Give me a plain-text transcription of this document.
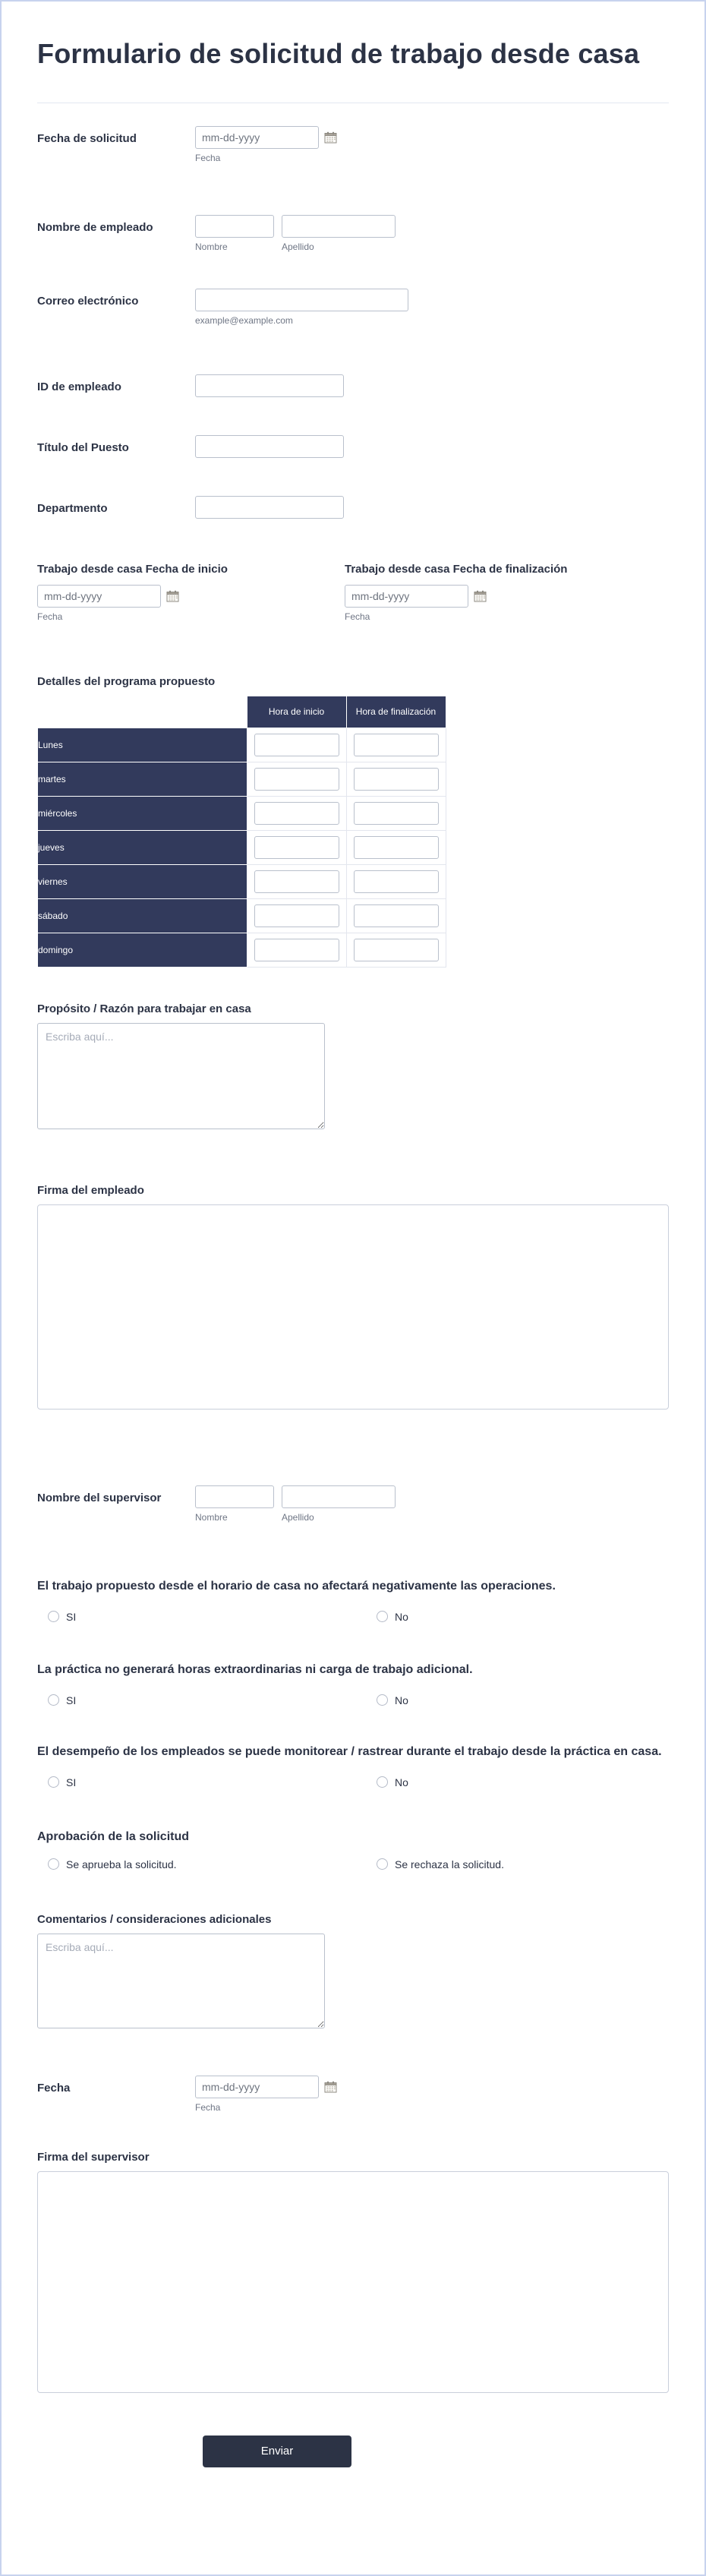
Formulario de solicitud de trabajo desde casa
Fecha de solicitud
mm-dd-yyyy
Fecha
Nombre de empleado
Nombre	Apellido
Correo electrónico
example@example.com
ID de empleado
Título del Puesto
Departmento
Trabajo desde casa Fecha de inicio
mm-dd-yyyy
Fecha
Trabajo desde casa Fecha de finalización
mm-dd-yyyy
Fecha
Detalles del programa propuesto
	Hora de inicio	Hora de finalización
Lunes		
martes		
miércoles		
jueves		
viernes		
sábado		
domingo		
Propósito / Razón para trabajar en casa
Escriba aquí...
Firma del empleado
Nombre del supervisor
Nombre	Apellido
El trabajo propuesto desde el horario de casa no afectará negativamente las operaciones.
SI	No
La práctica no generará horas extraordinarias ni carga de trabajo adicional.
SI	No
El desempeño de los empleados se puede monitorear / rastrear durante el trabajo desde la práctica en casa.
SI	No
Aprobación de la solicitud
Se aprueba la solicitud.	Se rechaza la solicitud.
Comentarios / consideraciones adicionales
Escriba aquí...
Fecha
mm-dd-yyyy
Fecha
Firma del supervisor
Enviar
